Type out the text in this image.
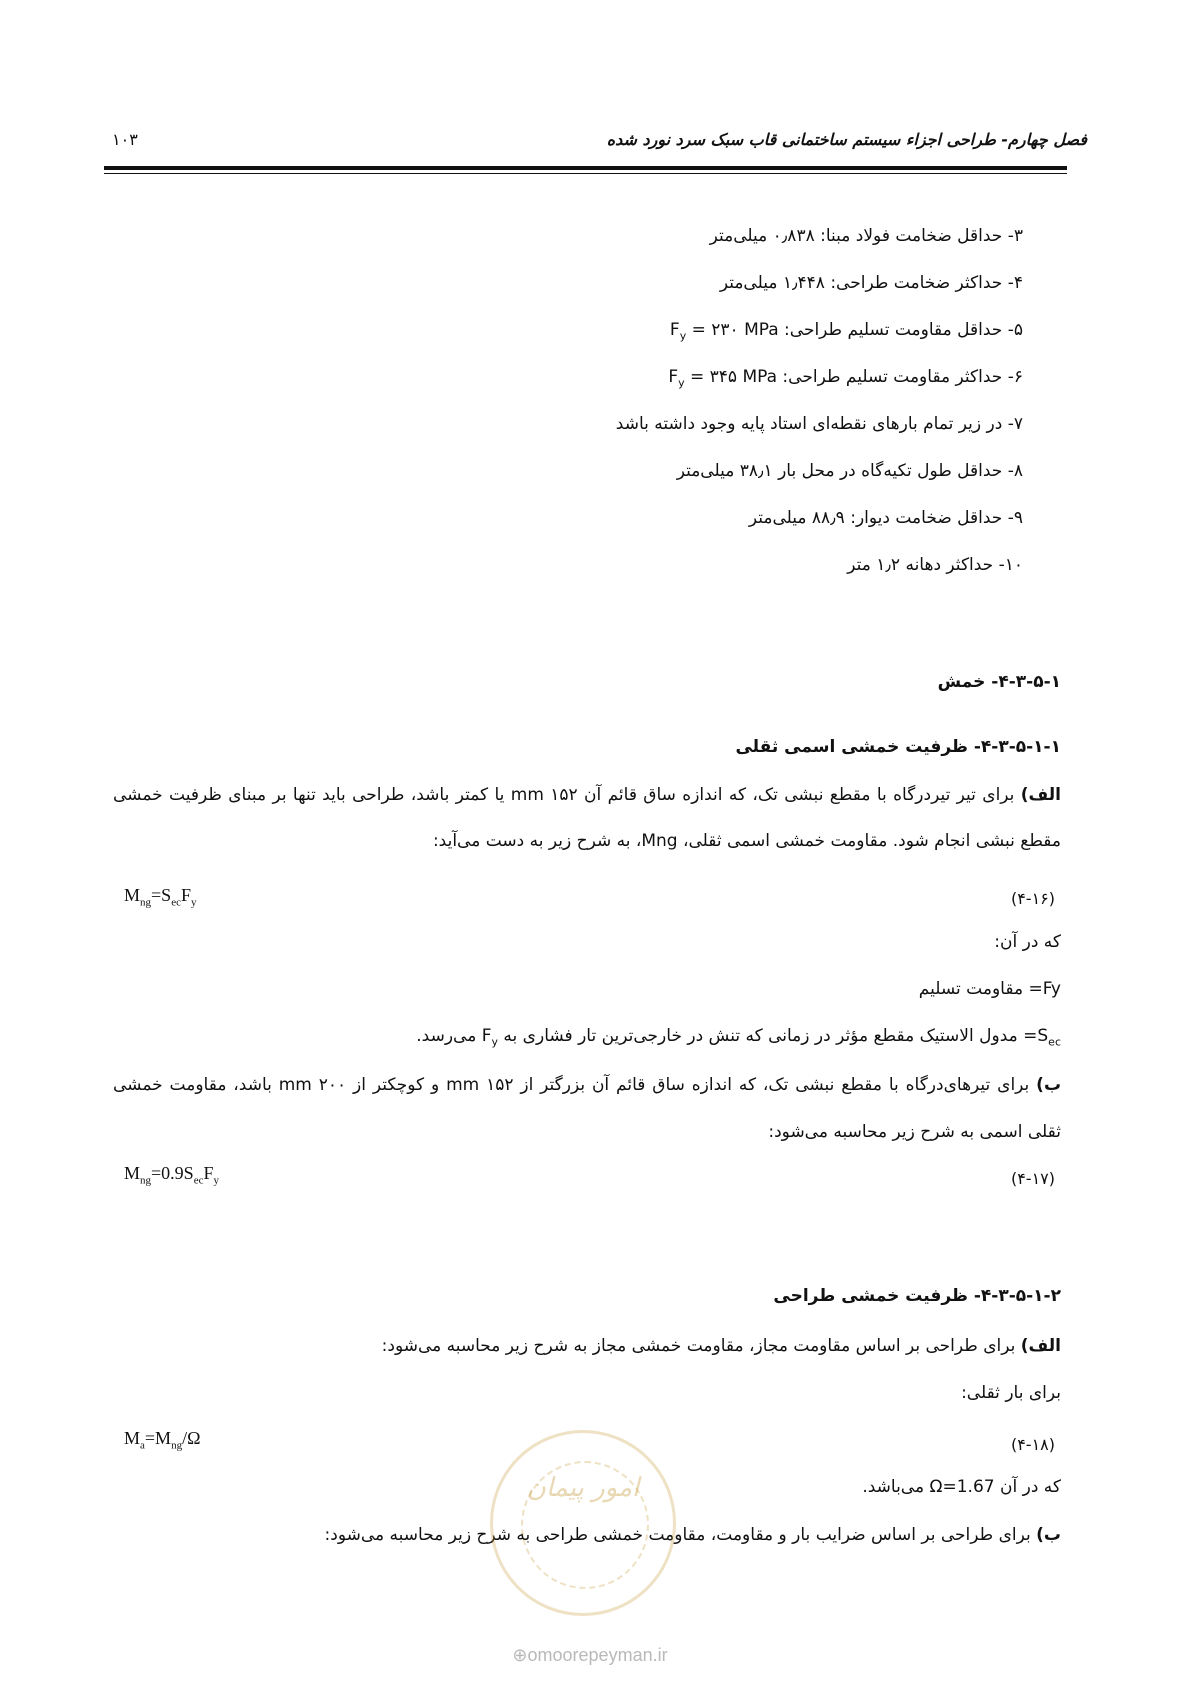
فصل چهارم- طراحی اجزاء سیستم ساختمانی قاب سبک سرد نورد شده
۱۰۳
۳- حداقل ضخامت فولاد مبنا: ۰٫۸۳۸ میلی‌متر
۴- حداکثر ضخامت طراحی: ۱٫۴۴۸ میلی‌متر
۵- حداقل مقاومت تسلیم طراحی: $F_y$ = ۲۳۰ MPa
۶- حداکثر مقاومت تسلیم طراحی: $F_y$ = ۳۴۵ MPa
۷- در زیر تمام بارهای نقطه‌ای استاد پایه وجود داشته باشد
۸- حداقل طول تکیه‌گاه در محل بار ۳۸٫۱ میلی‌متر
۹- حداقل ضخامت دیوار: ۸۸٫۹ میلی‌متر
۱۰- حداکثر دهانه ۱٫۲ متر
۴-۳-۵-۱- خمش
۴-۳-۵-۱-۱- ظرفیت خمشی اسمی ثقلی
الف) برای تیر تیردرگاه با مقطع نبشی تک، که اندازه ساق قائم آن ۱۵۲ mm یا کمتر باشد، طراحی باید تنها بر مبنای ظرفیت خمشی مقطع نبشی انجام شود. مقاومت خمشی اسمی ثقلی، Mng، به شرح زیر به دست می‌آید:
$M_{ng}=S_{ec}F_y$	(۴-۱۶)
که در آن:
Fy= مقاومت تسلیم
$S_{ec}=$ مدول الاستیک مقطع مؤثر در زمانی که تنش در خارجی‌ترین تار فشاری به $F_y$ می‌رسد.
ب) برای تیرهای‌درگاه با مقطع نبشی تک، که اندازه ساق قائم آن بزرگتر از ۱۵۲ mm و کوچکتر از ۲۰۰ mm باشد، مقاومت خمشی ثقلی اسمی به شرح زیر محاسبه می‌شود:
$M_{ng}=0.9S_{ec}F_y$	(۴-۱۷)
۴-۳-۵-۱-۲- ظرفیت خمشی طراحی
الف) برای طراحی بر اساس مقاومت مجاز، مقاومت خمشی مجاز به شرح زیر محاسبه می‌شود:
برای بار ثقلی:
$M_a=M_{ng}/\Omega$	(۴-۱۸)
که در آن Ω=1.67 می‌باشد.
ب) برای طراحی بر اساس ضرایب بار و مقاومت، مقاومت خمشی طراحی به شرح زیر محاسبه می‌شود:
امور پیمان
⊕omoorepeyman.ir
